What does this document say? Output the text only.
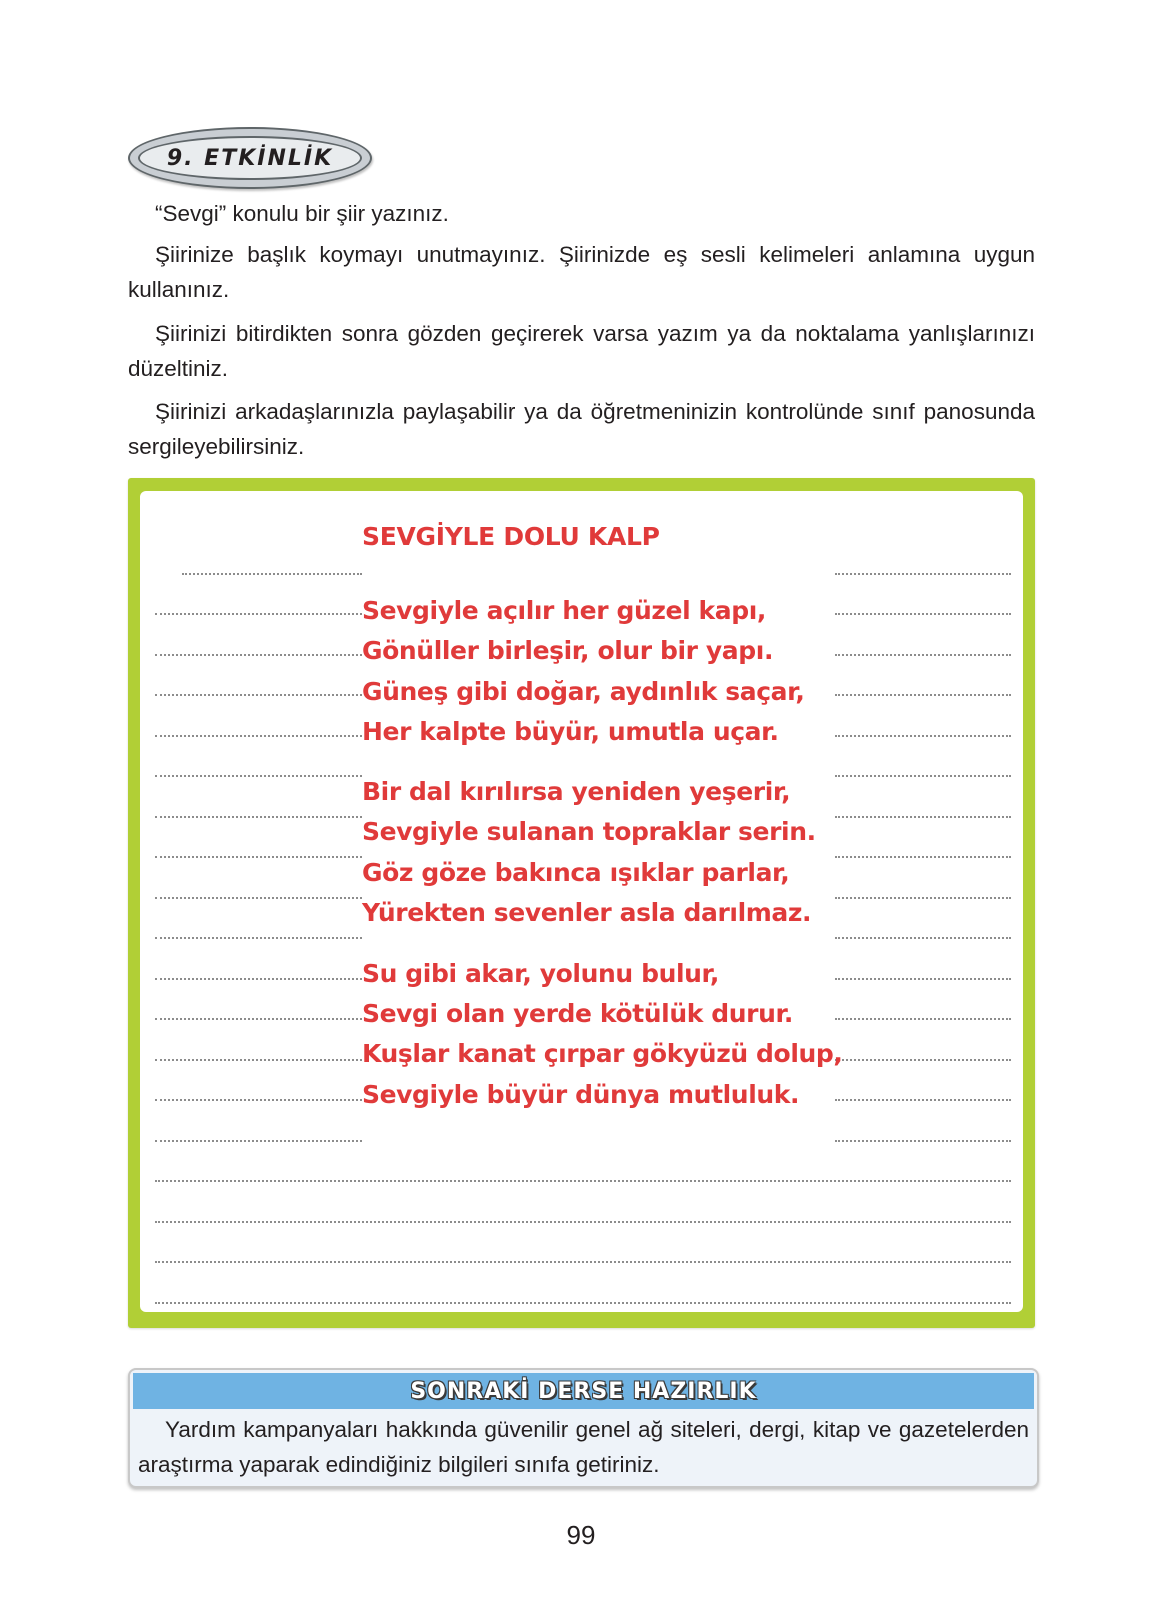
9. ETKİNLİK
“Sevgi” konulu bir şiir yazınız.
Şiirinize başlık koymayı unutmayınız. Şiirinizde eş sesli kelimeleri anlamına uygun kullanınız.
Şiirinizi bitirdikten sonra gözden geçirerek varsa yazım ya da noktalama yanlışlarınızı düzeltiniz.
Şiirinizi arkadaşlarınızla paylaşabilir ya da öğretmeninizin kontrolünde sınıf panosunda sergileyebilirsiniz.
SEVGİYLE DOLU KALP
Sevgiyle açılır her güzel kapı,
Gönüller birleşir, olur bir yapı.
Güneş gibi doğar, aydınlık saçar,
Her kalpte büyür, umutla uçar.
Bir dal kırılırsa yeniden yeşerir,
Sevgiyle sulanan topraklar serin.
Göz göze bakınca ışıklar parlar,
Yürekten sevenler asla darılmaz.
Su gibi akar, yolunu bulur,
Sevgi olan yerde kötülük durur.
Kuşlar kanat çırpar gökyüzü dolup,
Sevgiyle büyür dünya mutluluk.
SONRAKİ DERSE HAZIRLIK
Yardım kampanyaları hakkında güvenilir genel ağ siteleri, dergi, kitap ve gazetelerden araştırma yaparak edindiğiniz bilgileri sınıfa getiriniz.
99
